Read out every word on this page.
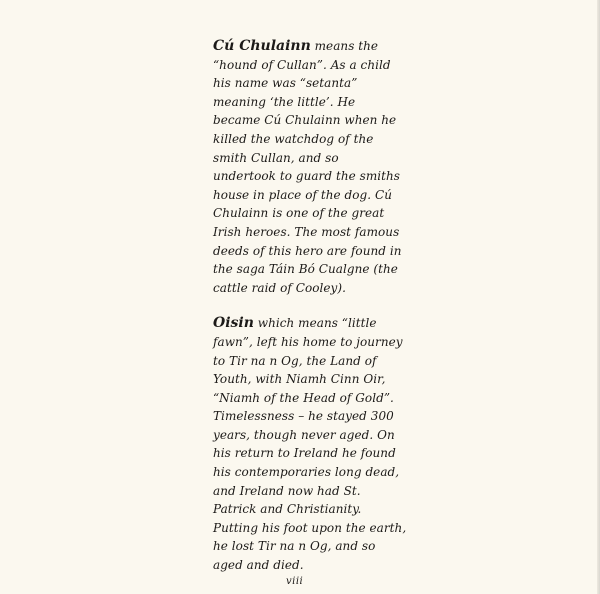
Cú Chulainn means the
“hound of Cullan”. As a child
his name was “setanta”
meaning ‘the little’. He
became Cú Chulainn when he
killed the watchdog of the
smith Cullan, and so
undertook to guard the smiths
house in place of the dog. Cú
Chulainn is one of the great
Irish heroes. The most famous
deeds of this hero are found in
the saga Táin Bó Cualgne (the
cattle raid of Cooley).

Oisin which means “little
fawn”, left his home to journey
to Tir na n Og, the Land of
Youth, with Niamh Cinn Oir,
“Niamh of the Head of Gold”.
Timelessness – he stayed 300
years, though never aged. On
his return to Ireland he found
his contemporaries long dead,
and Ireland now had St.
Patrick and Christianity.
Putting his foot upon the earth,
he lost Tir na n Og, and so
aged and died.

viii
